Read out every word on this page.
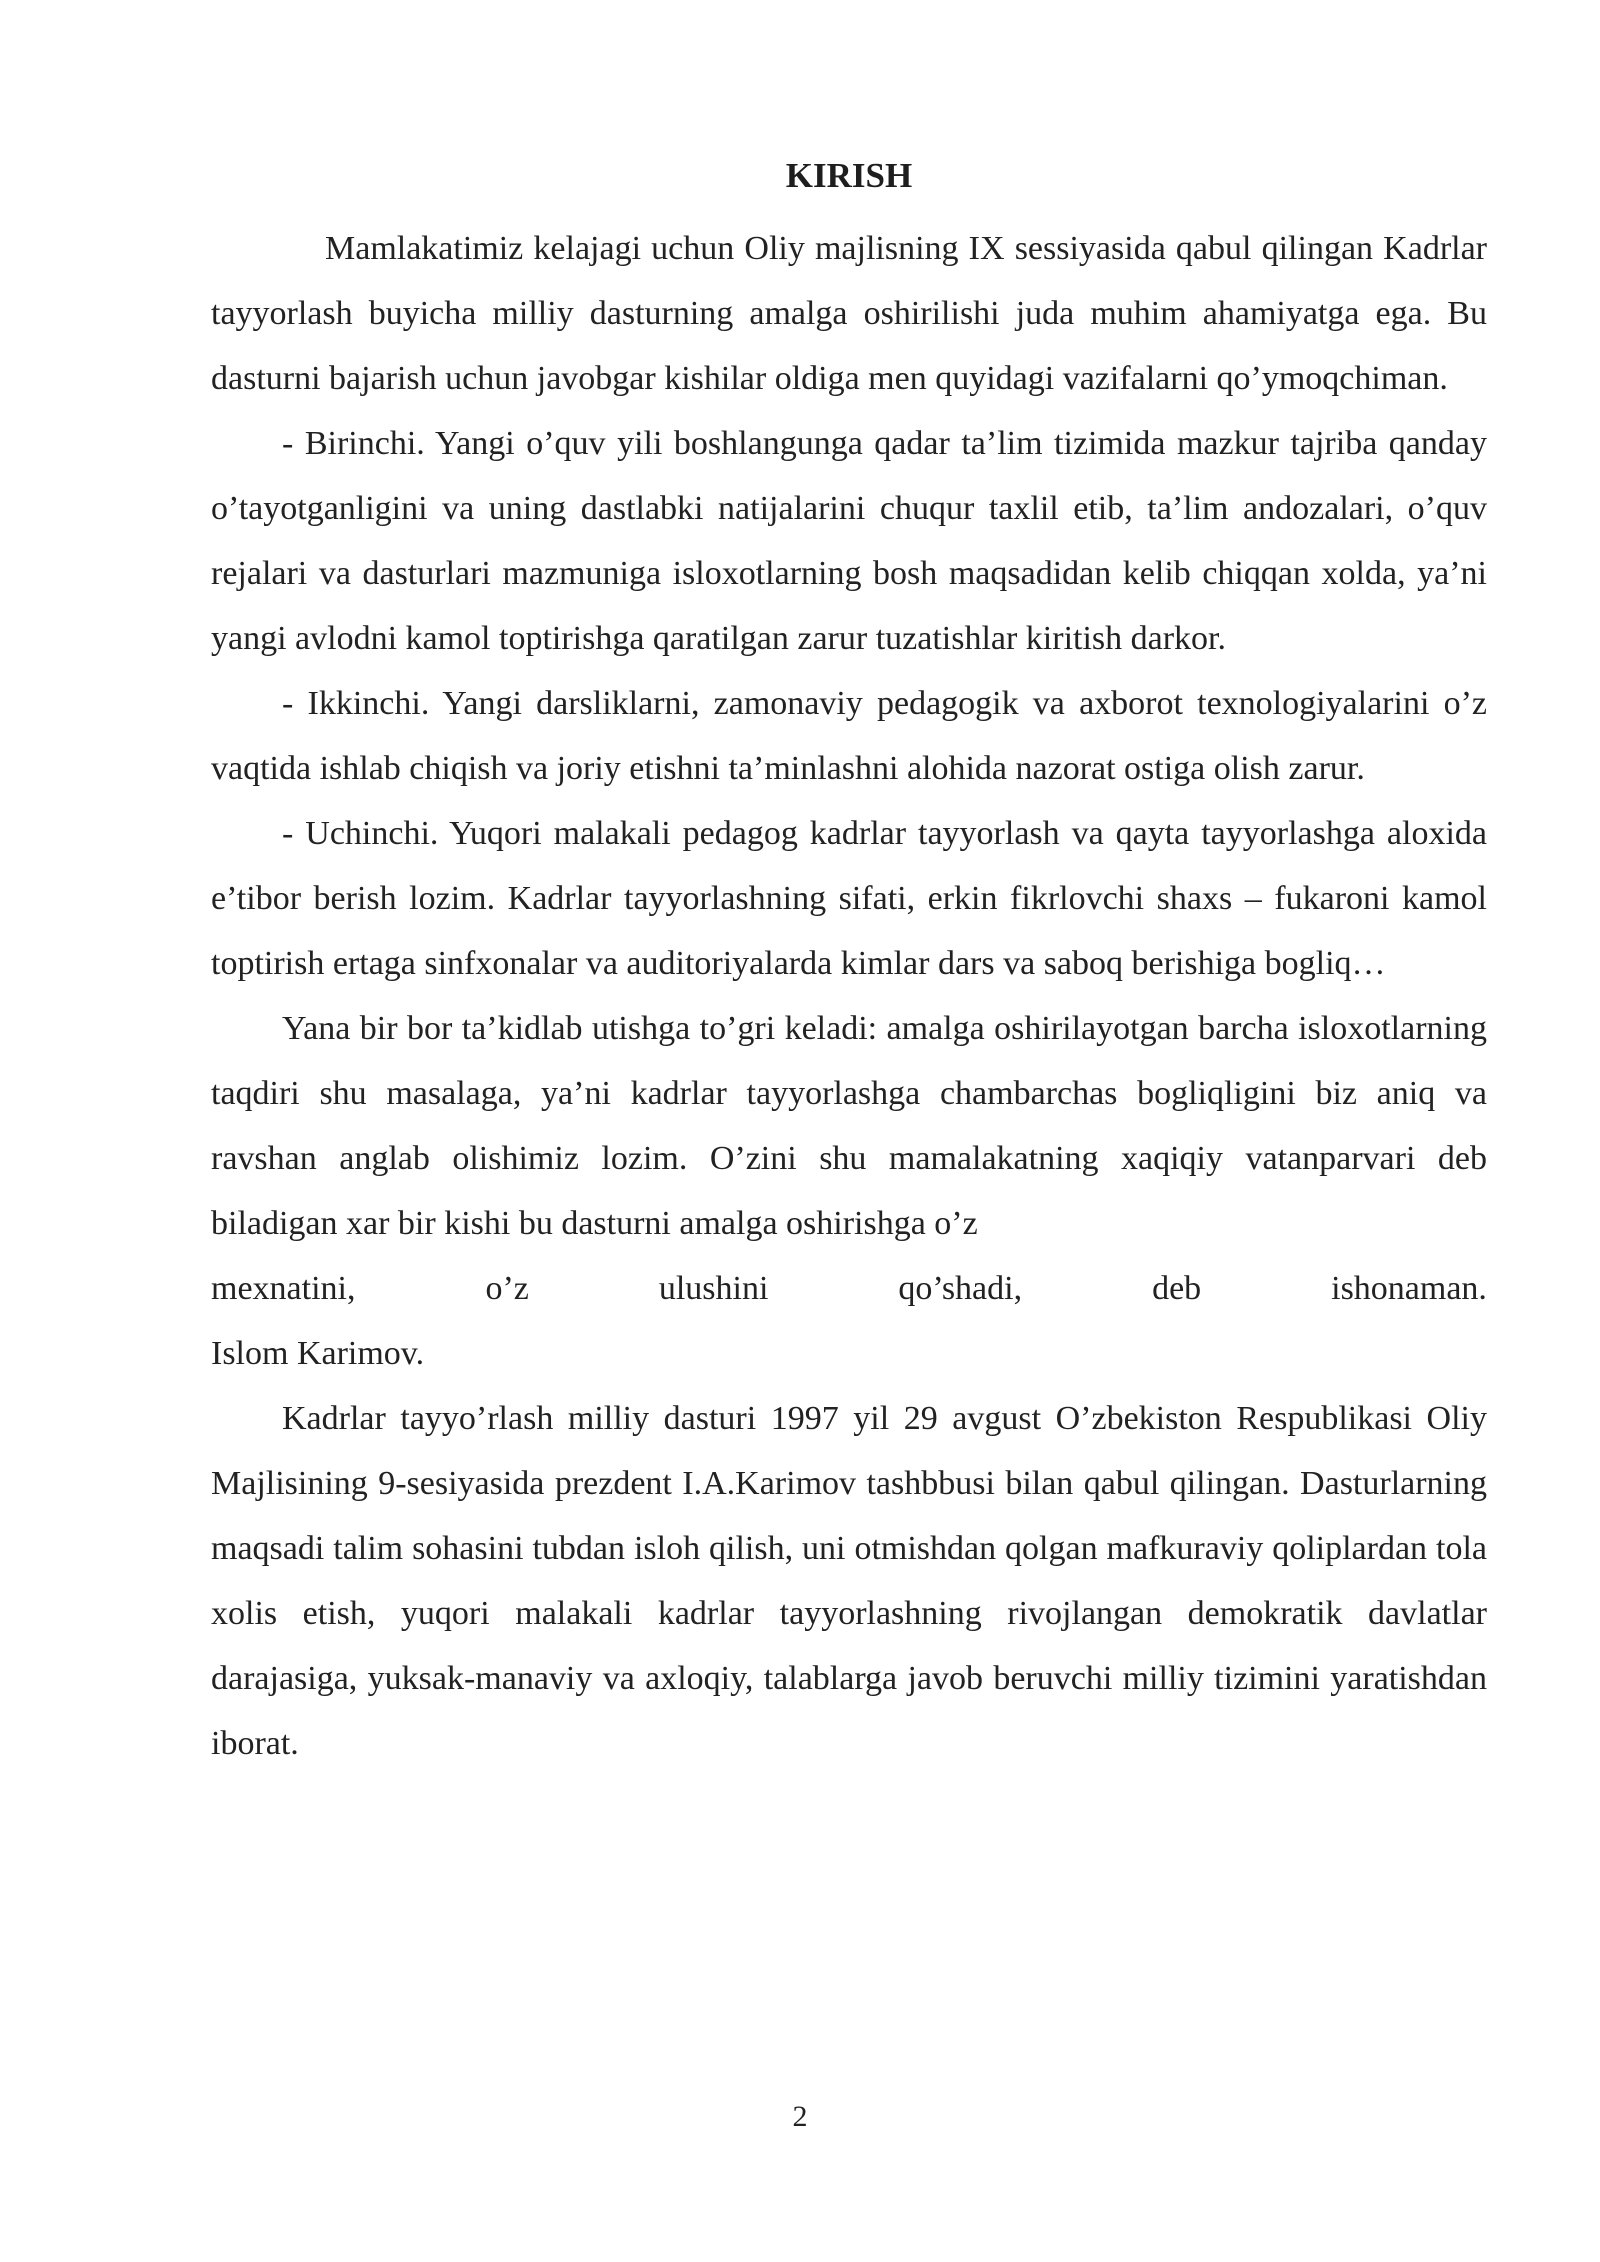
KIRISH

Mamlakatimiz kelajagi uchun Oliy majlisning IX sessiyasida qabul qilingan Kadrlar tayyorlash buyicha milliy dasturning amalga oshirilishi juda muhim ahamiyatga ega. Bu dasturni bajarish uchun javobgar kishilar oldiga men quyidagi vazifalarni qo’ymoqchiman.

- Birinchi. Yangi o’quv yili boshlangunga qadar ta’lim tizimida mazkur tajriba qanday o’tayotganligini va uning dastlabki natijalarini chuqur taxlil etib, ta’lim andozalari, o’quv rejalari va dasturlari mazmuniga isloxotlarning bosh maqsadidan kelib chiqqan xolda, ya’ni yangi avlodni kamol toptirishga qaratilgan zarur tuzatishlar kiritish darkor.

- Ikkinchi. Yangi darsliklarni, zamonaviy pedagogik va axborot texnologiyalarini o’z vaqtida ishlab chiqish va joriy etishni ta’minlashni alohida nazorat ostiga olish zarur.

- Uchinchi. Yuqori malakali pedagog kadrlar tayyorlash va qayta tayyorlashga aloxida e’tibor berish lozim. Kadrlar tayyorlashning sifati, erkin fikrlovchi shaxs – fukaroni kamol toptirish ertaga sinfxonalar va auditoriyalarda kimlar dars va saboq berishiga bogliq…

Yana bir bor ta’kidlab utishga to’gri keladi: amalga oshirilayotgan barcha isloxotlarning taqdiri shu masalaga, ya’ni kadrlar tayyorlashga chambarchas bogliqligini biz aniq va ravshan anglab olishimiz lozim. O’zini shu mamalakatning xaqiqiy vatanparvari deb biladigan xar bir kishi bu dasturni amalga oshirishga o’z

mexnatini,	o’z	ulushini	qo’shadi,	deb	ishonaman.

Islom Karimov.

Kadrlar tayyo’rlash milliy dasturi 1997 yil 29 avgust O’zbekiston Respublikasi Oliy Majlisining 9-sesiyasida prezdent I.A.Karimov tashbbusi bilan qabul qilingan. Dasturlarning maqsadi talim sohasini tubdan isloh qilish, uni otmishdan qolgan mafkuraviy qoliplardan tola xolis etish, yuqori malakali kadrlar tayyorlashning rivojlangan demokratik davlatlar darajasiga, yuksak-manaviy va axloqiy, talablarga javob beruvchi milliy tizimini yaratishdan iborat.

2
